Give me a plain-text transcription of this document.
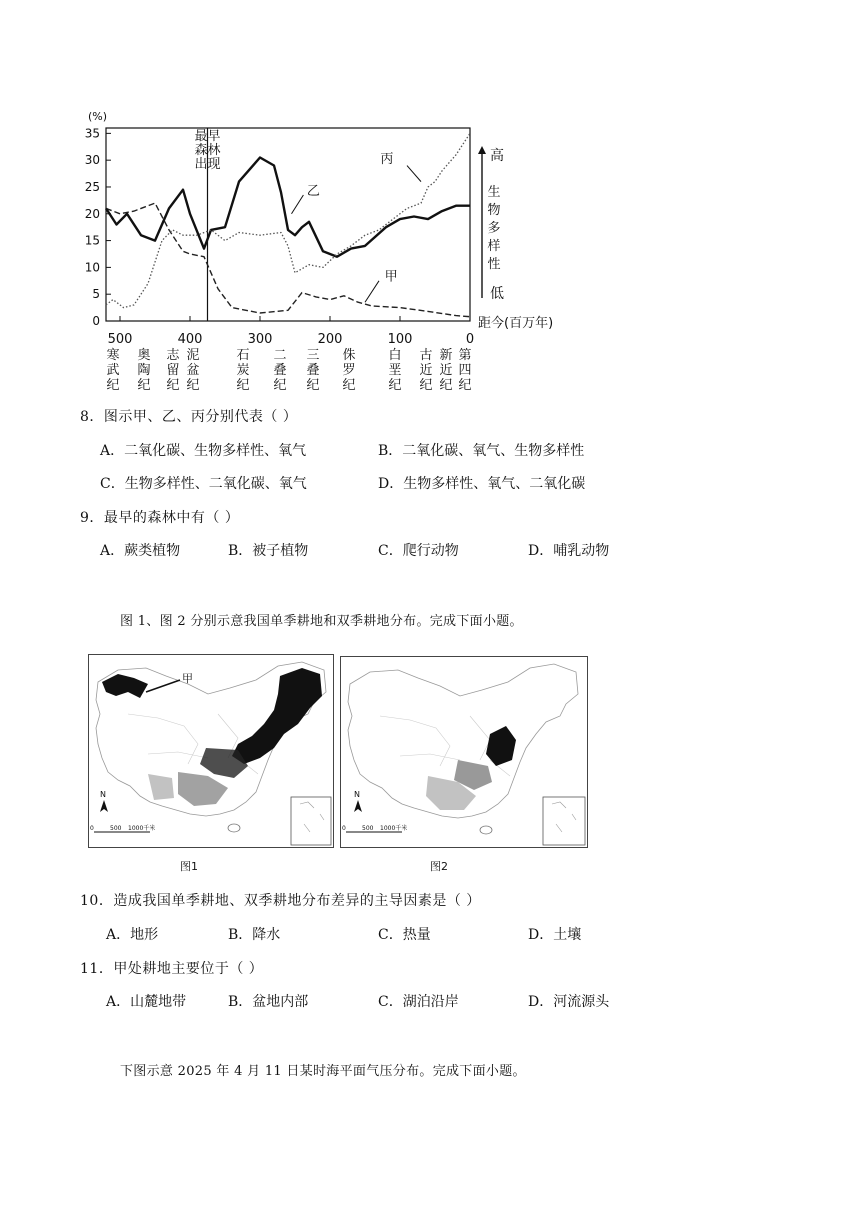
0
5
10
15
20
25
30
35
(%)
500	400	300	200	100	0
距今(百万年)
最早
森林
出现
甲
乙
丙	高
生
物
多
样
性
低
寒
武
纪
奥
陶
纪
志
留
纪
泥
盆
纪
石
炭
纪
二
叠
纪
三
叠
纪
侏
罗
纪
白
垩
纪
古
近
纪
新
近
纪
第
四
纪
8．图示甲、乙、丙分别代表（ ）
A．二氧化碳、生物多样性、氧气	B．二氧化碳、氧气、生物多样性
C．生物多样性、二氧化碳、氧气	D．生物多样性、氧气、二氧化碳
9．最早的森林中有（ ）
A．蕨类植物	B．被子植物	C．爬行动物	D．哺乳动物
图 1、图 2 分别示意我国单季耕地和双季耕地分布。完成下面小题。
甲
N
0	500 1000千米
图1
N
0	500 1000千米
图2
10．造成我国单季耕地、双季耕地分布差异的主导因素是（ ）
A．地形	B．降水	C．热量	D．土壤
11．甲处耕地主要位于（ ）
A．山麓地带	B．盆地内部	C．湖泊沿岸	D．河流源头
下图示意 2025 年 4 月 11 日某时海平面气压分布。完成下面小题。
